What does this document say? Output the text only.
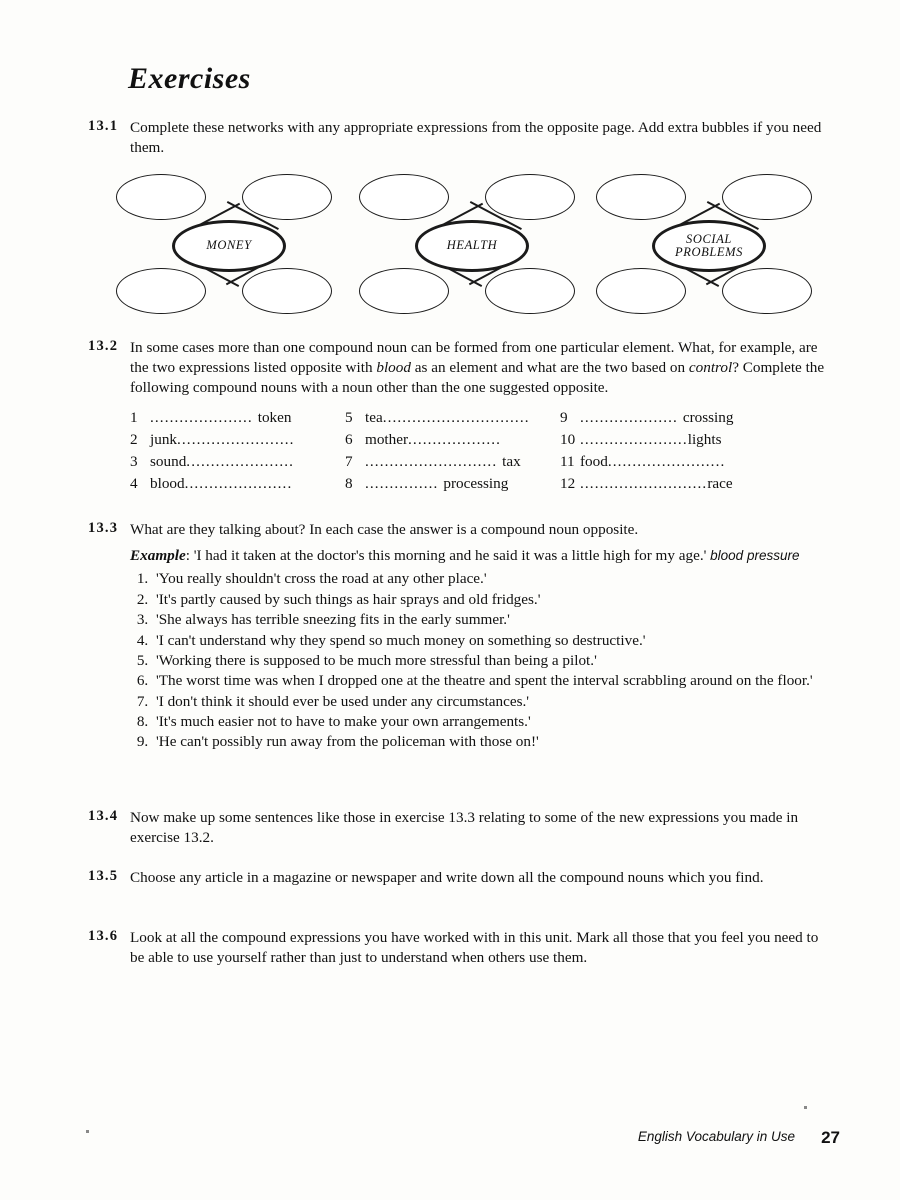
Exercises
13.1 Complete these networks with any appropriate expressions from the opposite page. Add extra bubbles if you need them.
MONEY	HEALTH	SOCIAL PROBLEMS
13.2 In some cases more than one compound noun can be formed from one particular element. What, for example, are the two expressions listed opposite with blood as an element and what are the two based on control? Complete the following compound nouns with a noun other than the one suggested opposite.

1 ..................... token	5 tea..............................	9 .................... crossing
2 junk........................	6 mother...................	10 ......................lights
3 sound......................	7 ........................... tax	11 food........................
4 blood......................	8 ............... processing	12 ..........................race
13.3 What are they talking about? In each case the answer is a compound noun opposite.

Example: 'I had it taken at the doctor's this morning and he said it was a little high for my age.' blood pressure
1. 'You really shouldn't cross the road at any other place.'
2. 'It's partly caused by such things as hair sprays and old fridges.'
3. 'She always has terrible sneezing fits in the early summer.'
4. 'I can't understand why they spend so much money on something so destructive.'
5. 'Working there is supposed to be much more stressful than being a pilot.'
6. 'The worst time was when I dropped one at the theatre and spent the interval scrabbling around on the floor.'
7. 'I don't think it should ever be used under any circumstances.'
8. 'It's much easier not to have to make your own arrangements.'
9. 'He can't possibly run away from the policeman with those on!'
13.4 Now make up some sentences like those in exercise 13.3 relating to some of the new expressions you made in exercise 13.2.
13.5 Choose any article in a magazine or newspaper and write down all the compound nouns which you find.
13.6 Look at all the compound expressions you have worked with in this unit. Mark all those that you feel you need to be able to use yourself rather than just to understand when others use them.
English Vocabulary in Use 27
